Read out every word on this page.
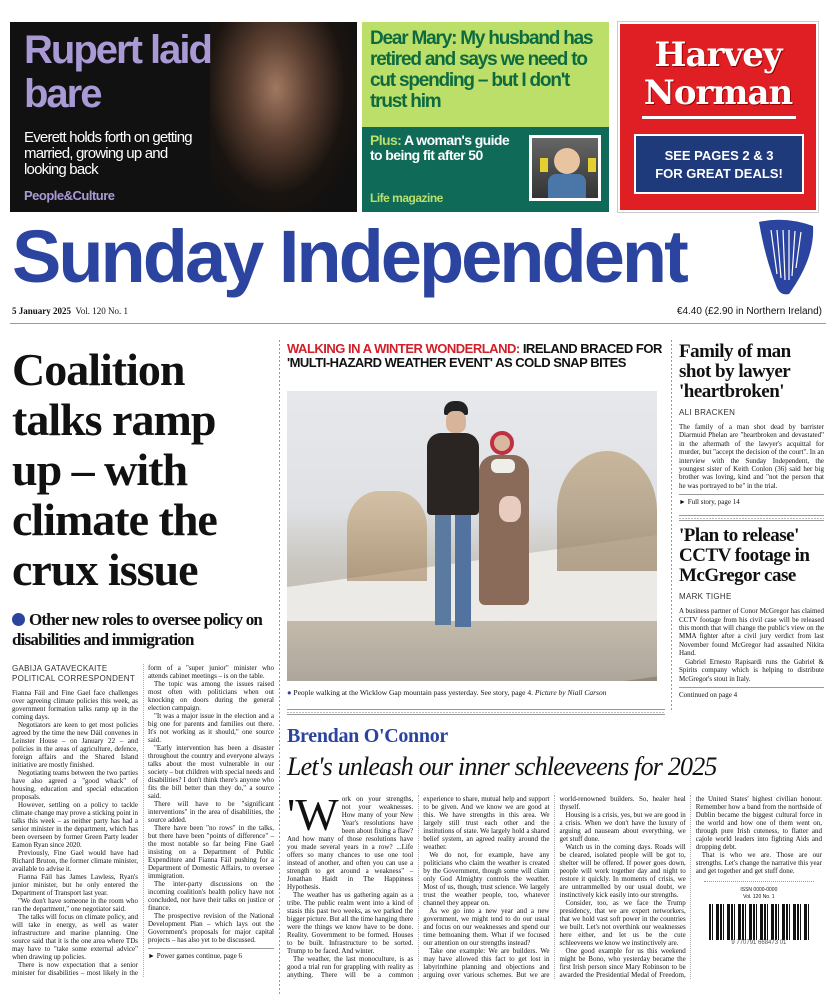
Rupert laid bare
Everett holds forth on getting married, growing up and looking back
People&Culture
Dear Mary: My husband has retired and says we need to cut spending – but I don't trust him
Plus: A woman's guide to being fit after 50
Life magazine
Harvey
Norman
SEE PAGES 2 & 3
FOR GREAT DEALS!
Sunday Independent
5 January 2025 Vol. 120 No. 1	€4.40 (£2.90 in Northern Ireland)
Coalition talks ramp up – with climate the crux issue
Other new roles to oversee policy on disabilities and immigration
GABIJA GATAVECKAITE
POLITICAL CORRESPONDENT

Fianna Fáil and Fine Gael face challenges over agreeing climate policies this week, as government formation talks ramp up in the coming days.

Negotiators are keen to get most policies agreed by the time the new Dáil convenes in Leinster House – on January 22 – and policies in the areas of agriculture, defence, foreign affairs and the Shared Island initiative are mostly finished.

Negotiating teams between the two parties have also agreed a "good whack" of housing, education and special education proposals.

However, settling on a policy to tackle climate change may prove a sticking point in talks this week – as neither party has had a senior minister in the department, which has been overseen by former Green Party leader Eamon Ryan since 2020.

Previously, Fine Gael would have had Richard Bruton, the former climate minister, available to advise it.

Fianna Fáil has James Lawless, Ryan's junior minister, but he only entered the Department of Transport last year.

"We don't have someone in the room who ran the department," one negotiator said.

The talks will focus on climate policy, and will take in energy, as well as water infrastructure and marine planning. One source said that it is the one area where TDs may have to "take some external advice" when drawing up policies.

There is now expectation that a senior minister for disabilities – most likely in the form of a "super junior" minister who attends cabinet meetings – is on the table.

The topic was among the issues raised most often with politicians when out knocking on doors during the general election campaign.

"It was a major issue in the election and a big one for parents and families out there. It's not working as it should," one source said.

"Early intervention has been a disaster throughout the country and everyone always talks about the most vulnerable in our society – but children with special needs and disabilities? I don't think there's anyone who fits the bill better than they do," a source said.

There will have to be "significant interventions" in the area of disabilities, the source added.

There have been "no rows" in the talks, but there have been "points of difference" – the most notable so far being Fine Gael insisting on a Department of Public Expenditure and Fianna Fáil pushing for a Department of Domestic Affairs, to oversee immigration.

The inter-party discussions on the incoming coalition's health policy have not concluded, nor have their talks on justice or finance.

The prospective revision of the National Development Plan – which lays out the Government's proposals for major capital projects – has also yet to be discussed.

► Power games continue, page 6
WALKING IN A WINTER WONDERLAND: IRELAND BRACED FOR 'MULTI-HAZARD WEATHER EVENT' AS COLD SNAP BITES
● People walking at the Wicklow Gap mountain pass yesterday. See story, page 4. Picture by Niall Carson
Brendan O'Connor
Let's unleash our inner schleeveens for 2025

'Work on your strengths, not your weaknesses. How many of your New Year's resolutions have been about fixing a flaw? And how many of those resolutions have you made several years in a row? ...Life offers so many chances to use one tool instead of another, and often you can use a strength to get around a weakness" – Jonathan Haidt in The Happiness Hypothesis.

The weather has us gathering again as a tribe. The public realm went into a kind of stasis this past two weeks, as we parked the bigger picture. But all the time hanging there were the things we know have to be done. Reality. Government to be formed. Houses to be built. Infrastructure to be sorted. Trump to be faced. And winter.

The weather, the last monoculture, is as good a trial run for grappling with reality as anything. There will be a common experience to share, mutual help and support to be given. And we know we are good at this. We have strengths in this area. We largely still trust each other and the institutions of state. We largely hold a shared belief system, an agreed reality around the weather.

We do not, for example, have any politicians who claim the weather is created by the Government, though some will claim only God Almighty controls the weather. Most of us, though, trust science. We largely trust the weather people, too, whatever channel they appear on.

As we go into a new year and a new government, we might tend to do our usual and focus on our weaknesses and spend our time bemoaning them. What if we focused our attention on our strengths instead?

Take one example: We are builders. We may have allowed this fact to get lost in labyrinthine planning and objections and arguing over various schemes. But we are world-renowned builders. So, healer heal thyself.

Housing is a crisis, yes, but we are good in a crisis. When we don't have the luxury of arguing ad nauseam about everything, we get stuff done.

Watch us in the coming days. Roads will be cleared, isolated people will be got to, shelter will be offered. If power goes down, people will work together day and night to restore it quickly. In moments of crisis, we are untrammelled by our usual doubt, we instinctively kick easily into our strengths.

Consider, too, as we face the Trump presidency, that we are expert networkers, that we hold vast soft power in the countries we built. Let's not overthink our weaknesses here either, and let us be the cute schleeveens we know we instinctively are.

One good example for us this weekend might be Bono, who yesterday became the first Irish person since Mary Robinson to be awarded the Presidential Medal of Freedom, the United States' highest civilian honour. Remember how a band from the northside of Dublin became the biggest cultural force in the world and how one of them went on, through pure Irish cuteness, to flatter and cajole world leaders into fighting Aids and dropping debt.

That is who we are. Those are our strengths. Let's change the narrative this year and get together and get stuff done.

ISSN 0000-0000
Vol. 120 No. 1
9 770791 668473 01
Family of man shot by lawyer 'heartbroken'
ALI BRACKEN
The family of a man shot dead by barrister Diarmuid Phelan are "heartbroken and devastated" in the aftermath of the lawyer's acquittal for murder, but "accept the decision of the court". In an interview with the Sunday Independent, the youngest sister of Keith Conlon (36) said her big brother was loving, kind and "not the person that he was portrayed to be" in the trial.
► Full story, page 14
'Plan to release' CCTV footage in McGregor case
MARK TIGHE
A business partner of Conor McGregor has claimed CCTV footage from his civil case will be released this month that will change the public's view on the MMA fighter after a civil jury verdict from last November found McGregor had assaulted Nikita Hand.
Gabriel Ernesto Rapisardi runs the Gabriel & Spirits company which is helping to distribute McGregor's stout in Italy.
Continued on page 4
